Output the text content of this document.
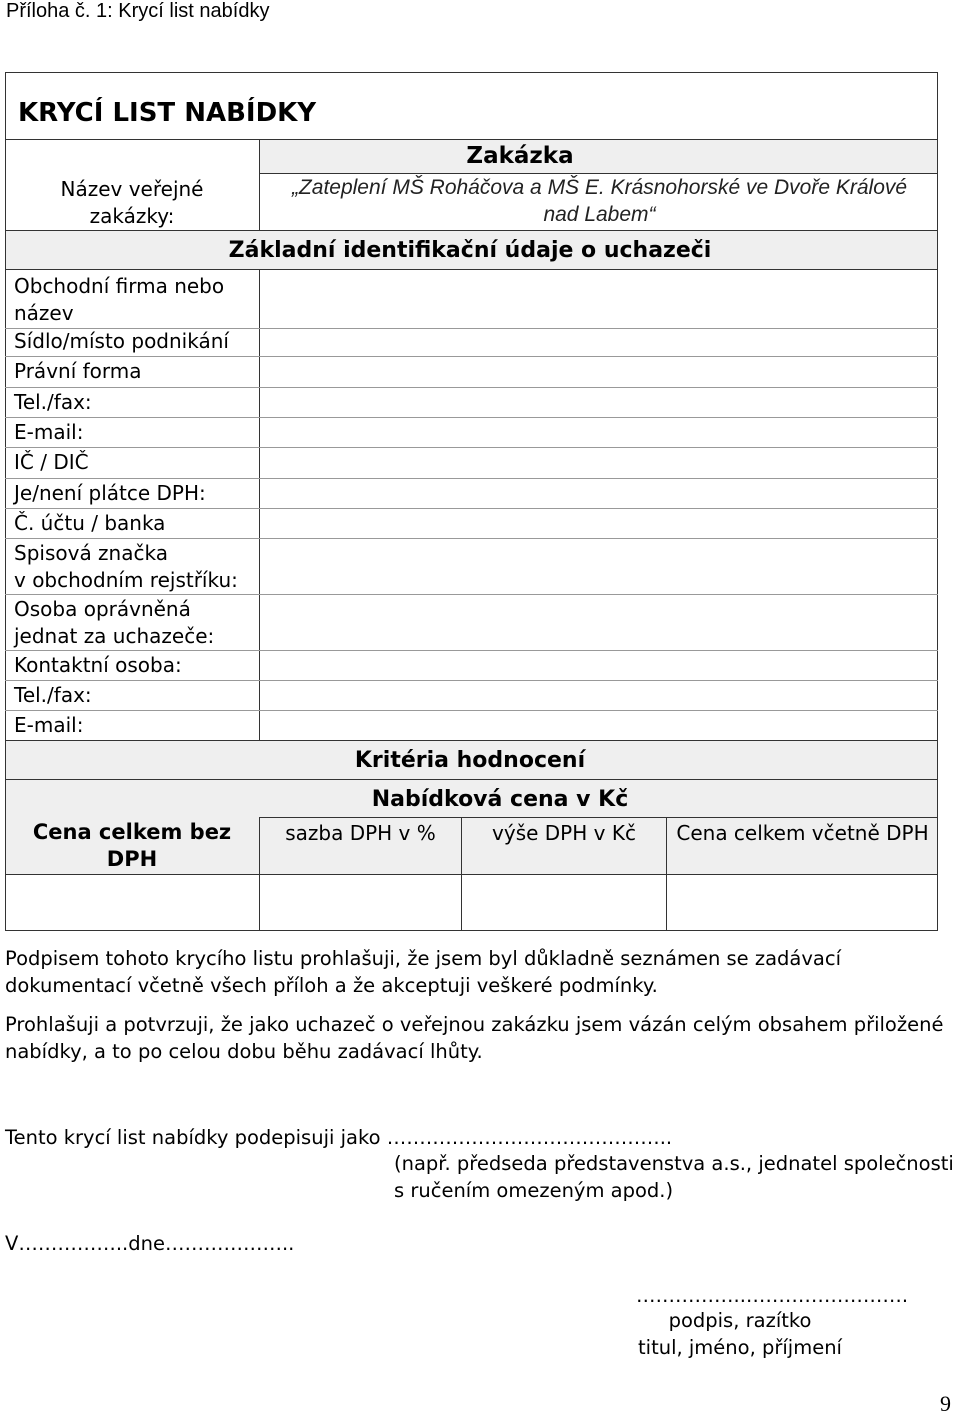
Příloha č. 1: Krycí list nabídky
KRYCÍ LIST NABÍDKY
Název veřejné
zakázky:
Zakázka
„Zateplení MŠ Roháčova a MŠ E. Krásnohorské ve Dvoře Králové
nad Labem“
Základní identifikační údaje o uchazeči
Obchodní firma nebo
název
Sídlo/místo podnikání
Právní forma
Tel./fax:
E-mail:
IČ / DIČ
Je/není plátce DPH:
Č. účtu / banka
Spisová značka
v obchodním rejstříku:
Osoba oprávněná
jednat za uchazeče:
Kontaktní osoba:
Tel./fax:
E-mail:
Kritéria hodnocení
Nabídková cena v Kč
Cena celkem bez
DPH
sazba DPH v %	výše DPH v Kč	Cena celkem včetně DPH
Podpisem tohoto krycího listu prohlašuji, že jsem byl důkladně seznámen se zadávací
dokumentací včetně všech příloh a že akceptuji veškeré podmínky.
Prohlašuji a potvrzuji, že jako uchazeč o veřejnou zakázku jsem vázán celým obsahem přiložené
nabídky, a to po celou dobu běhu zadávací lhůty.
Tento krycí list nabídky podepisuji jako ……………………………………..
(např. předseda představenstva a.s., jednatel společnosti
s ručením omezeným apod.)
V……………..dne………………..
……………..…………………….
podpis, razítko
titul, jméno, příjmení
9
